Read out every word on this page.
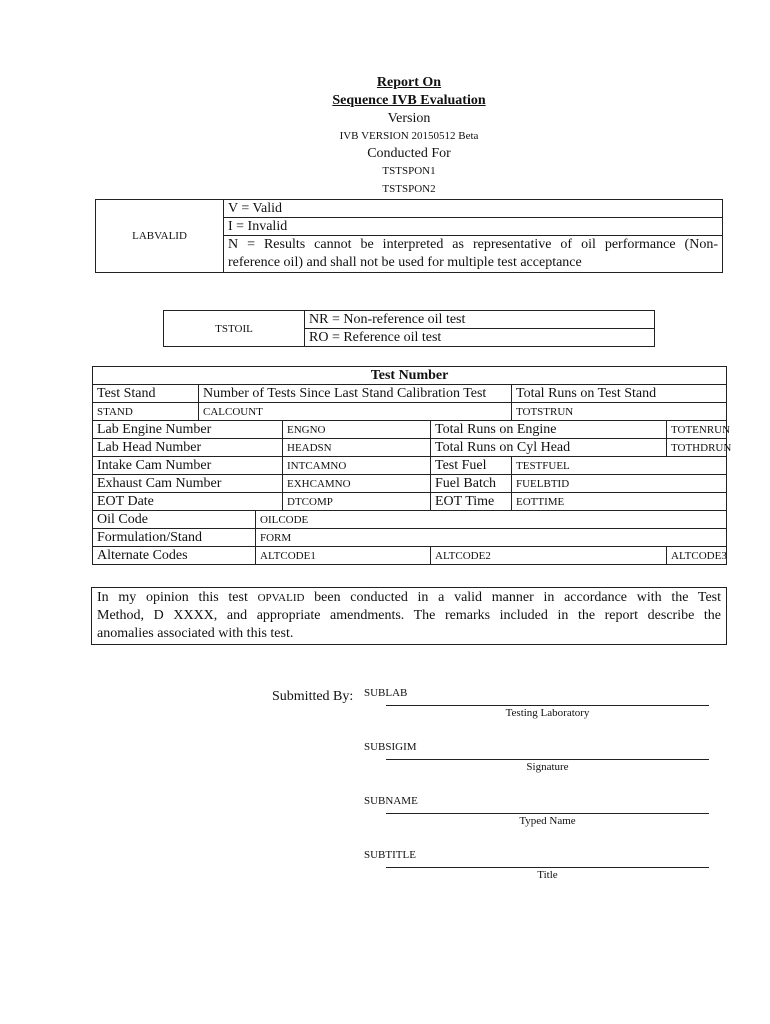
Report On
Sequence IVB Evaluation
Version
IVB VERSION 20150512 Beta
Conducted For
TSTSPON1
TSTSPON2
LABVALID	V = Valid
I = Invalid

N = Results cannot be interpreted as representative of oil performance (Non-
reference oil) and shall not be used for multiple test acceptance
TSTOIL	NR = Non-reference oil test
RO = Reference oil test
Test Number						
Test Stand	Number of Tests Since Last Stand Calibration Test				Total Runs on Test Stand	
STAND	CALCOUNT				TOTSTRUN	
Lab Engine Number			ENGNO	Total Runs on Engine		TOTENRUN
Lab Head Number			HEADSN	Total Runs on Cyl Head		TOTHDRUN
Intake Cam Number			INTCAMNO	Test Fuel	TESTFUEL	
Exhaust Cam Number			EXHCAMNO	Fuel Batch	FUELBTID	
EOT Date			DTCOMP	EOT Time	EOTTIME	
Oil Code		OILCODE				
Formulation/Stand		FORM				
Alternate Codes		ALTCODE1		ALTCODE2		ALTCODE3
In my opinion this test OPVALID been conducted in a valid manner in accordance with the Test
Method, D XXXX, and appropriate amendments. The remarks included in the report describe the
anomalies associated with this test.
Submitted By: SUBLAB
Testing Laboratory
SUBSIGIM
Signature
SUBNAME
Typed Name
SUBTITLE
Title
